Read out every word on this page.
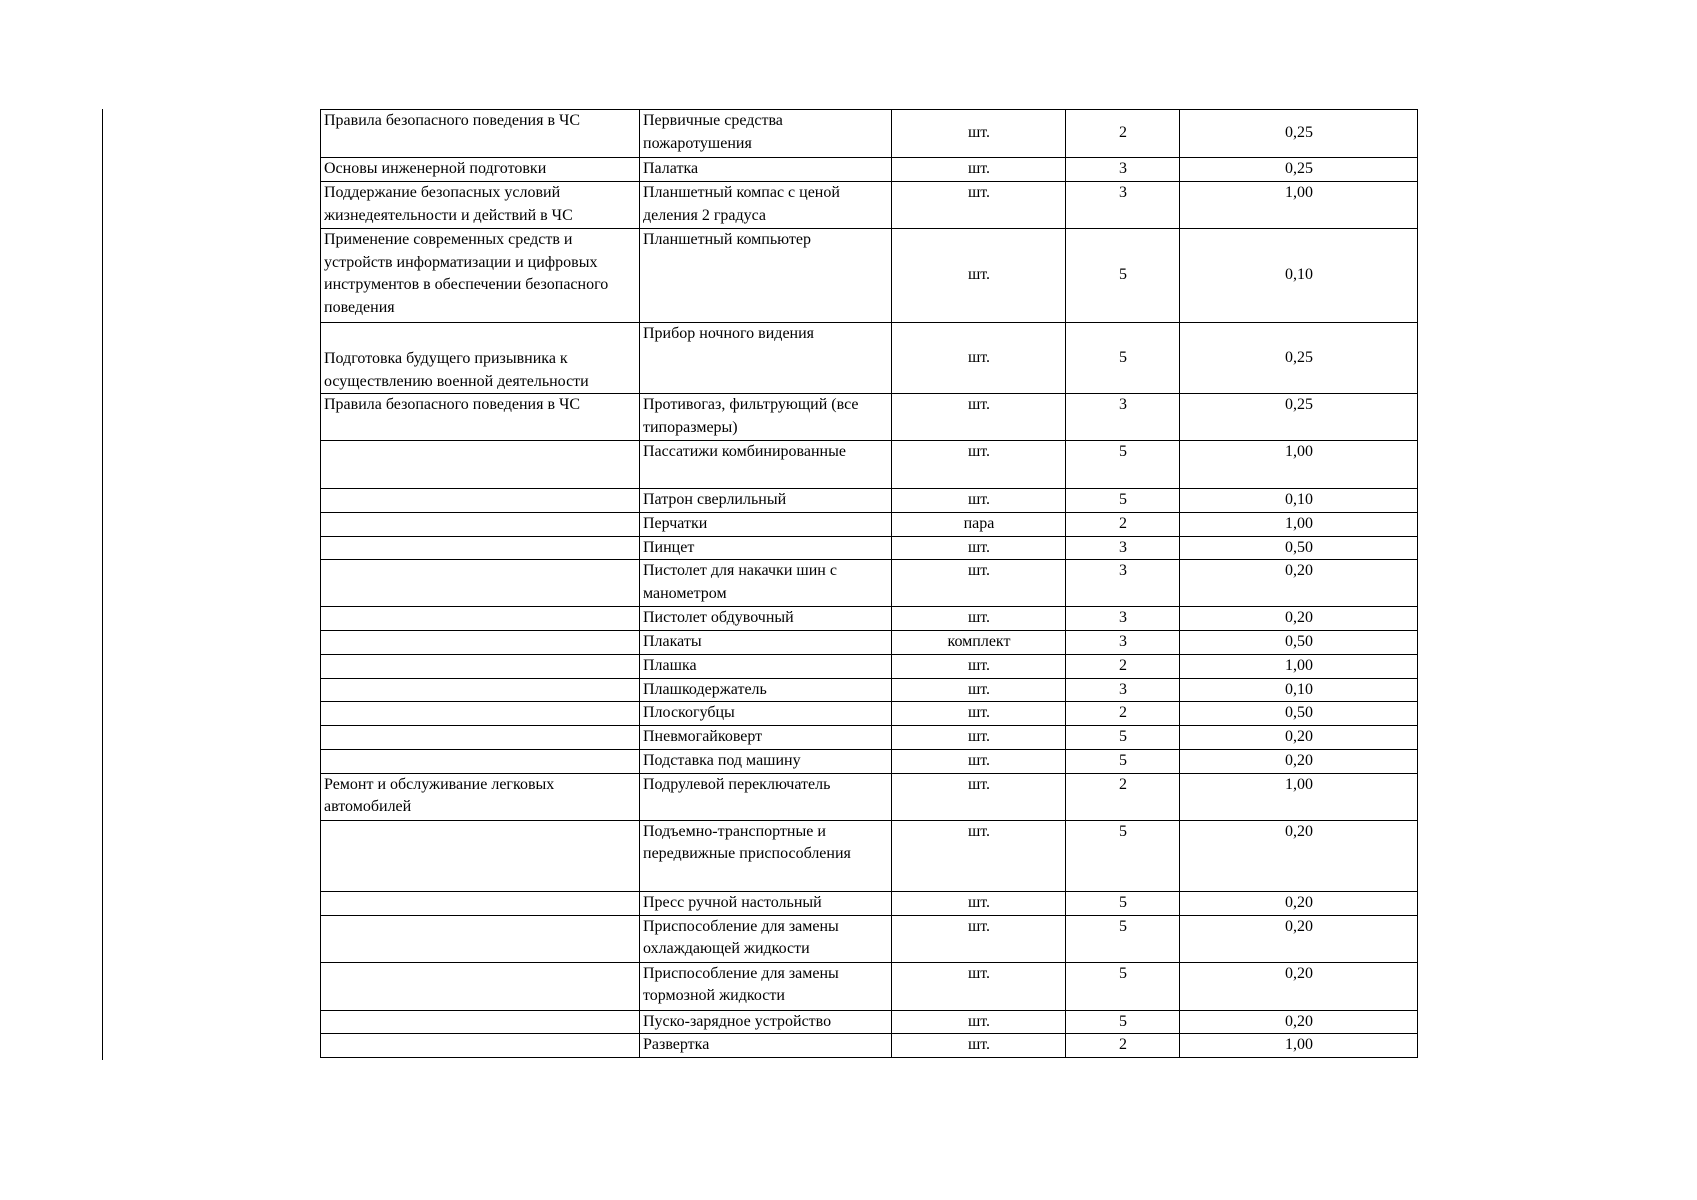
Правила безопасного поведения в ЧС	Первичные средства пожаротушения	шт.	2	0,25
Основы инженерной подготовки	Палатка	шт.	3	0,25
Поддержание безопасных условий жизнедеятельности и действий в ЧС	Планшетный компас с ценой деления 2 градуса	шт.	3	1,00
Применение современных средств и устройств информатизации и цифровых инструментов в обеспечении безопасного поведения	Планшетный компьютер	шт.	5	0,10
Подготовка будущего призывника к осуществлению военной деятельности	Прибор ночного видения	шт.	5	0,25
Правила безопасного поведения в ЧС	Противогаз, фильтрующий (все типоразмеры)	шт.	3	0,25
	Пассатижи комбинированные	шт.	5	1,00
	Патрон сверлильный	шт.	5	0,10
	Перчатки	пара	2	1,00
	Пинцет	шт.	3	0,50
	Пистолет для накачки шин с манометром	шт.	3	0,20
	Пистолет обдувочный	шт.	3	0,20
	Плакаты	комплект	3	0,50
	Плашка	шт.	2	1,00
	Плашкодержатель	шт.	3	0,10
	Плоскогубцы	шт.	2	0,50
	Пневмогайковерт	шт.	5	0,20
	Подставка под машину	шт.	5	0,20
Ремонт и обслуживание легковых автомобилей	Подрулевой переключатель	шт.	2	1,00
	Подъемно-транспортные и передвижные приспособления	шт.	5	0,20
	Пресс ручной настольный	шт.	5	0,20
	Приспособление для замены охлаждающей жидкости	шт.	5	0,20
	Приспособление для замены тормозной жидкости	шт.	5	0,20
	Пуско-зарядное устройство	шт.	5	0,20
	Развертка	шт.	2	1,00
